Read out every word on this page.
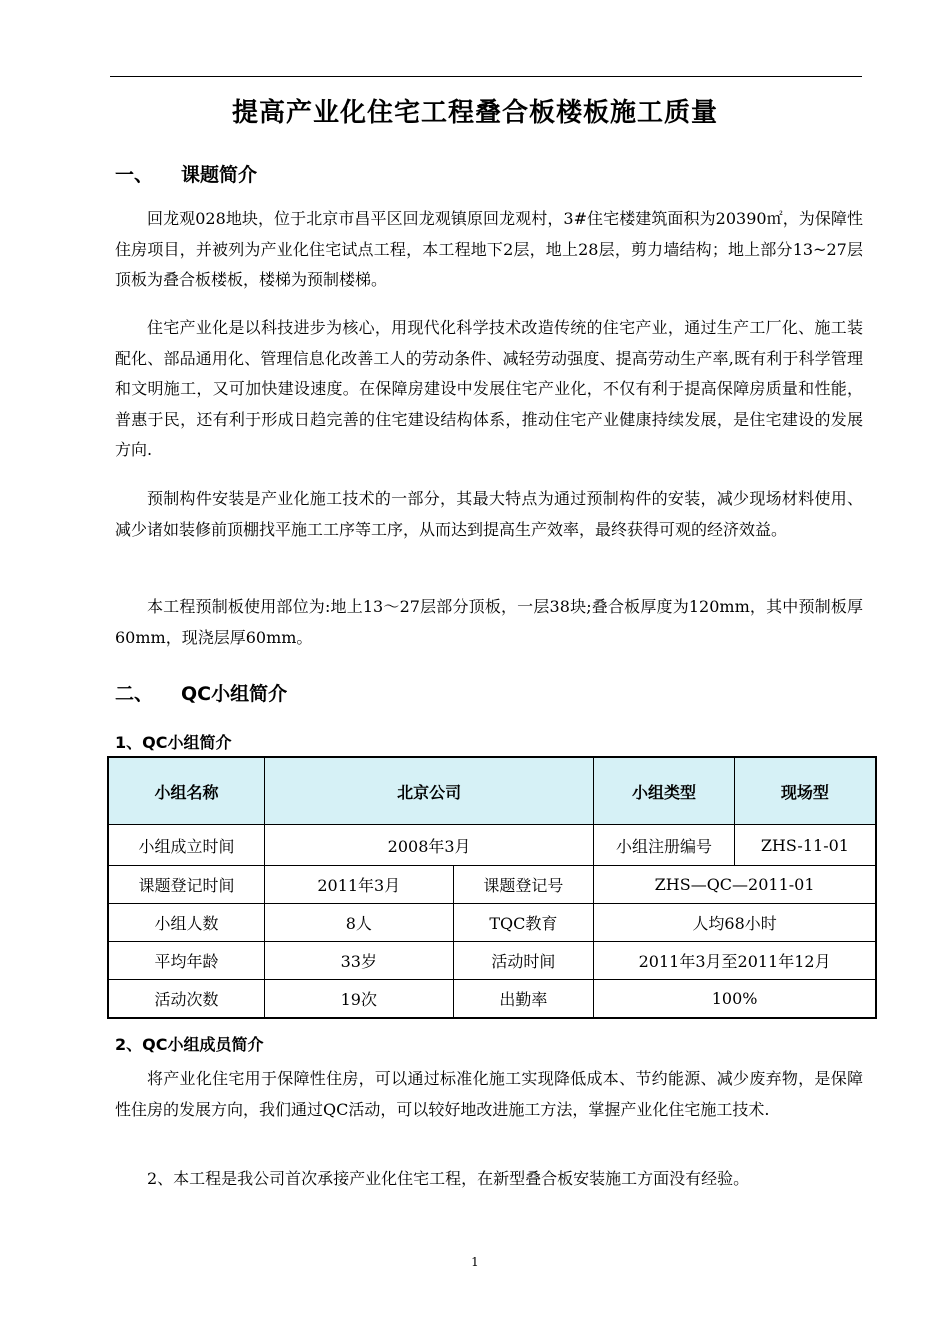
提高产业化住宅工程叠合板楼板施工质量
一、 课题简介
回龙观028地块，位于北京市昌平区回龙观镇原回龙观村，3#住宅楼建筑面积为20390㎡，为保障性住房项目，并被列为产业化住宅试点工程，本工程地下2层，地上28层，剪力墙结构；地上部分13~27层顶板为叠合板楼板，楼梯为预制楼梯。
住宅产业化是以科技进步为核心，用现代化科学技术改造传统的住宅产业，通过生产工厂化、施工装配化、部品通用化、管理信息化改善工人的劳动条件、减轻劳动强度、提高劳动生产率,既有利于科学管理和文明施工，又可加快建设速度。在保障房建设中发展住宅产业化，不仅有利于提高保障房质量和性能，普惠于民，还有利于形成日趋完善的住宅建设结构体系，推动住宅产业健康持续发展，是住宅建设的发展方向.
预制构件安装是产业化施工技术的一部分，其最大特点为通过预制构件的安装，减少现场材料使用、减少诸如装修前顶棚找平施工工序等工序，从而达到提高生产效率，最终获得可观的经济效益。
本工程预制板使用部位为:地上13～27层部分顶板，一层38块;叠合板厚度为120mm，其中预制板厚60mm，现浇层厚60mm。
二、 QC小组简介
1、QC小组简介
小组名称	北京公司		小组类型	现场型
小组成立时间	2008年3月		小组注册编号	ZHS-11-01
课题登记时间	2011年3月	课题登记号	ZHS—QC—2011-01	
小组人数	8人	TQC教育	人均68小时	
平均年龄	33岁	活动时间	2011年3月至2011年12月	
活动次数	19次	出勤率	100%	
2、QC小组成员简介
将产业化住宅用于保障性住房，可以通过标准化施工实现降低成本、节约能源、减少废弃物，是保障性住房的发展方向，我们通过QC活动，可以较好地改进施工方法，掌握产业化住宅施工技术.
2、本工程是我公司首次承接产业化住宅工程，在新型叠合板安装施工方面没有经验。
1
